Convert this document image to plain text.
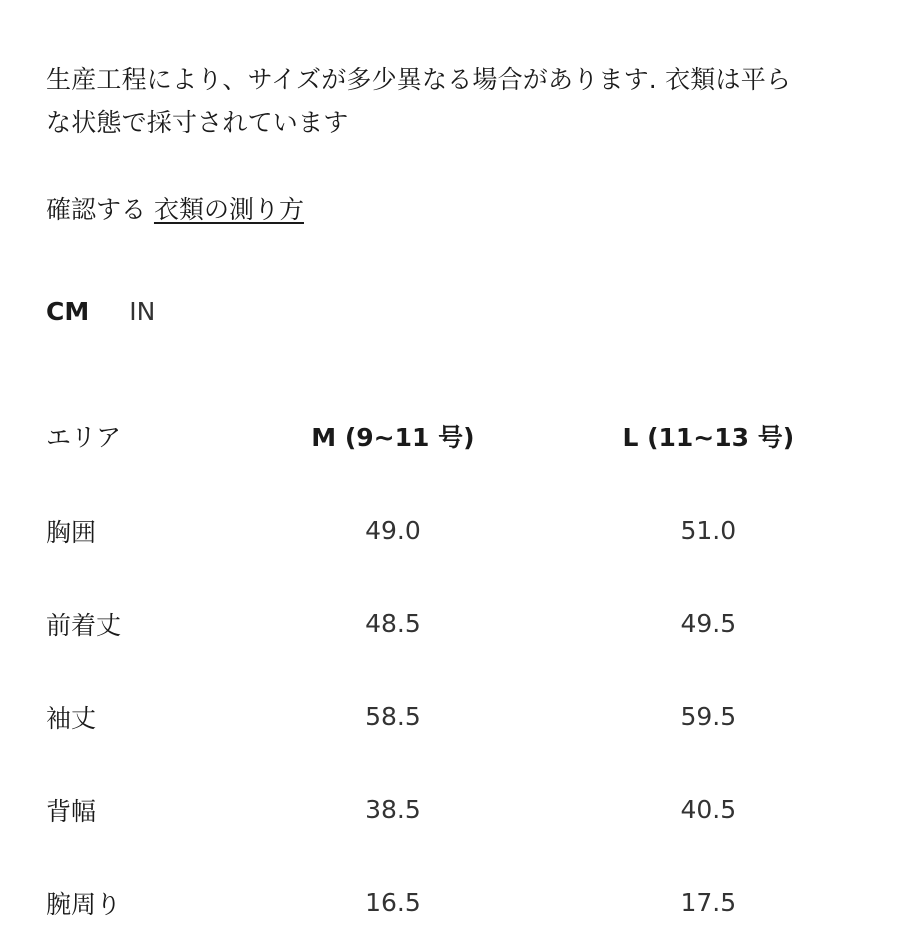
生産工程により、サイズが多少異なる場合があります. 衣類は平ら
な状態で採寸されています
確認する 衣類の測り方
CM IN
エリア	M (9~11 号)	L (11~13 号)
胸囲	49.0	51.0
前着丈	48.5	49.5
袖丈	58.5	59.5
背幅	38.5	40.5
腕周り	16.5	17.5
